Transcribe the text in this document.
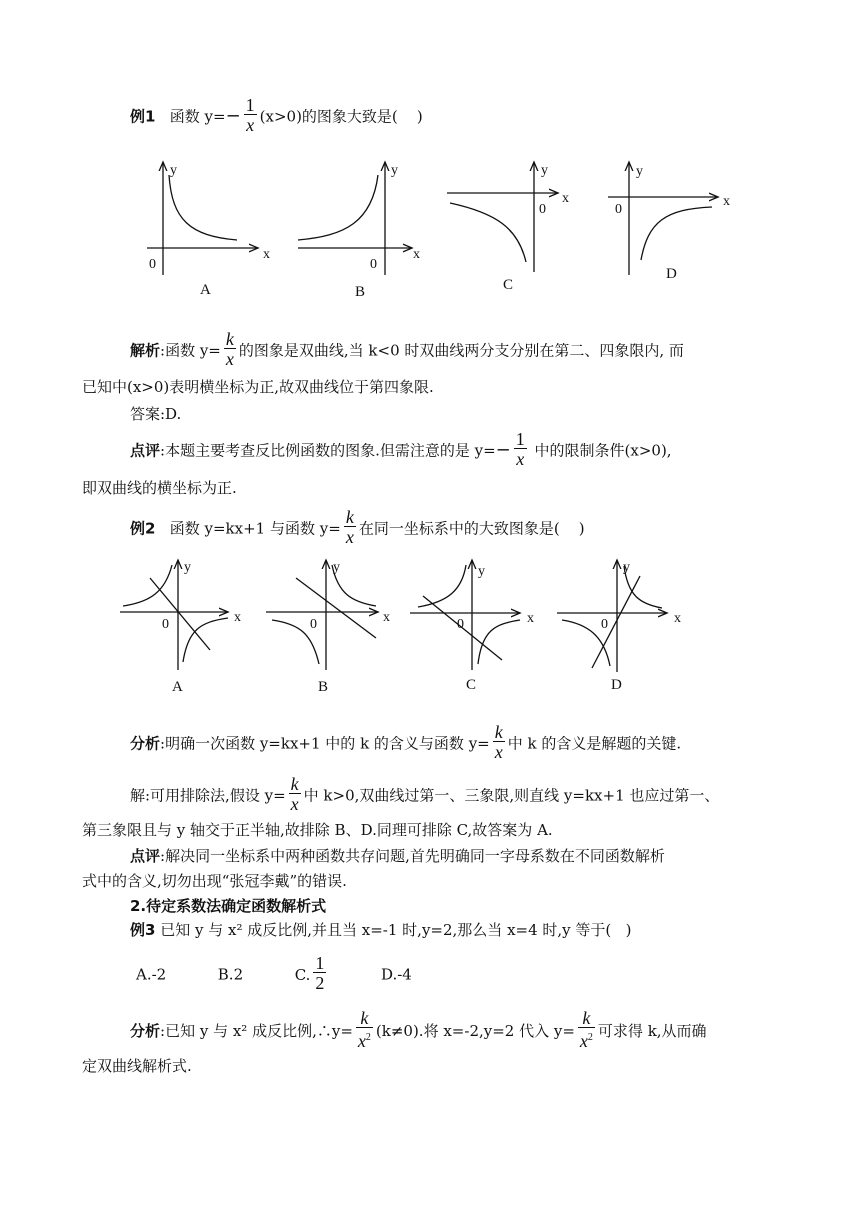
例1 函数 $y=- \frac{1}{x} (x>0)$的图象大致是( )
y
x
0
y
x
0
y
x
0
y
x
0
A	B	C
D
解析:函数 $y= \frac{k}{x}$ 的图象是双曲线,当 k<0 时双曲线两分支分别在第二、四象限内, 而
已知中(x>0)表明横坐标为正,故双曲线位于第四象限.
答案:D.
点评:本题主要考查反比例函数的图象.但需注意的是 $y=- \frac{1}{x}$ 中的限制条件(x>0),
即双曲线的横坐标为正.
例2 函数 y=kx+1 与函数 $y= \frac{k}{x}$ 在同一坐标系中的大致图象是( )
y
x
0
y
x
0
y
x
0
y
x
0
A	B	C	D
分析:明确一次函数 y=kx+1 中的 k 的含义与函数 $y= \frac{k}{x}$ 中 k 的含义是解题的关键.
解:可用排除法,假设 $y= \frac{k}{x}$ 中 k>0,双曲线过第一、三象限,则直线 y=kx+1 也应过第一、
第三象限且与 y 轴交于正半轴,故排除 B、D.同理可排除 C,故答案为 A.
点评:解决同一坐标系中两种函数共存问题,首先明确同一字母系数在不同函数解析
式中的含义,切勿出现“张冠李戴”的错误.
2.待定系数法确定函数解析式
例3 已知 y 与 x² 成反比例,并且当 x=-1 时,y=2,那么当 x=4 时,y 等于( )
A.-2	B.2	C. $\frac{1}{2}$	D.-4
分析:已知 y 与 x² 成反比例,∴y= $\frac{k}{x^2} (k\ne 0)$.将 x=-2,y=2 代入 $y= \frac{k}{x^2}$ 可求得 k,从而确
定双曲线解析式.
